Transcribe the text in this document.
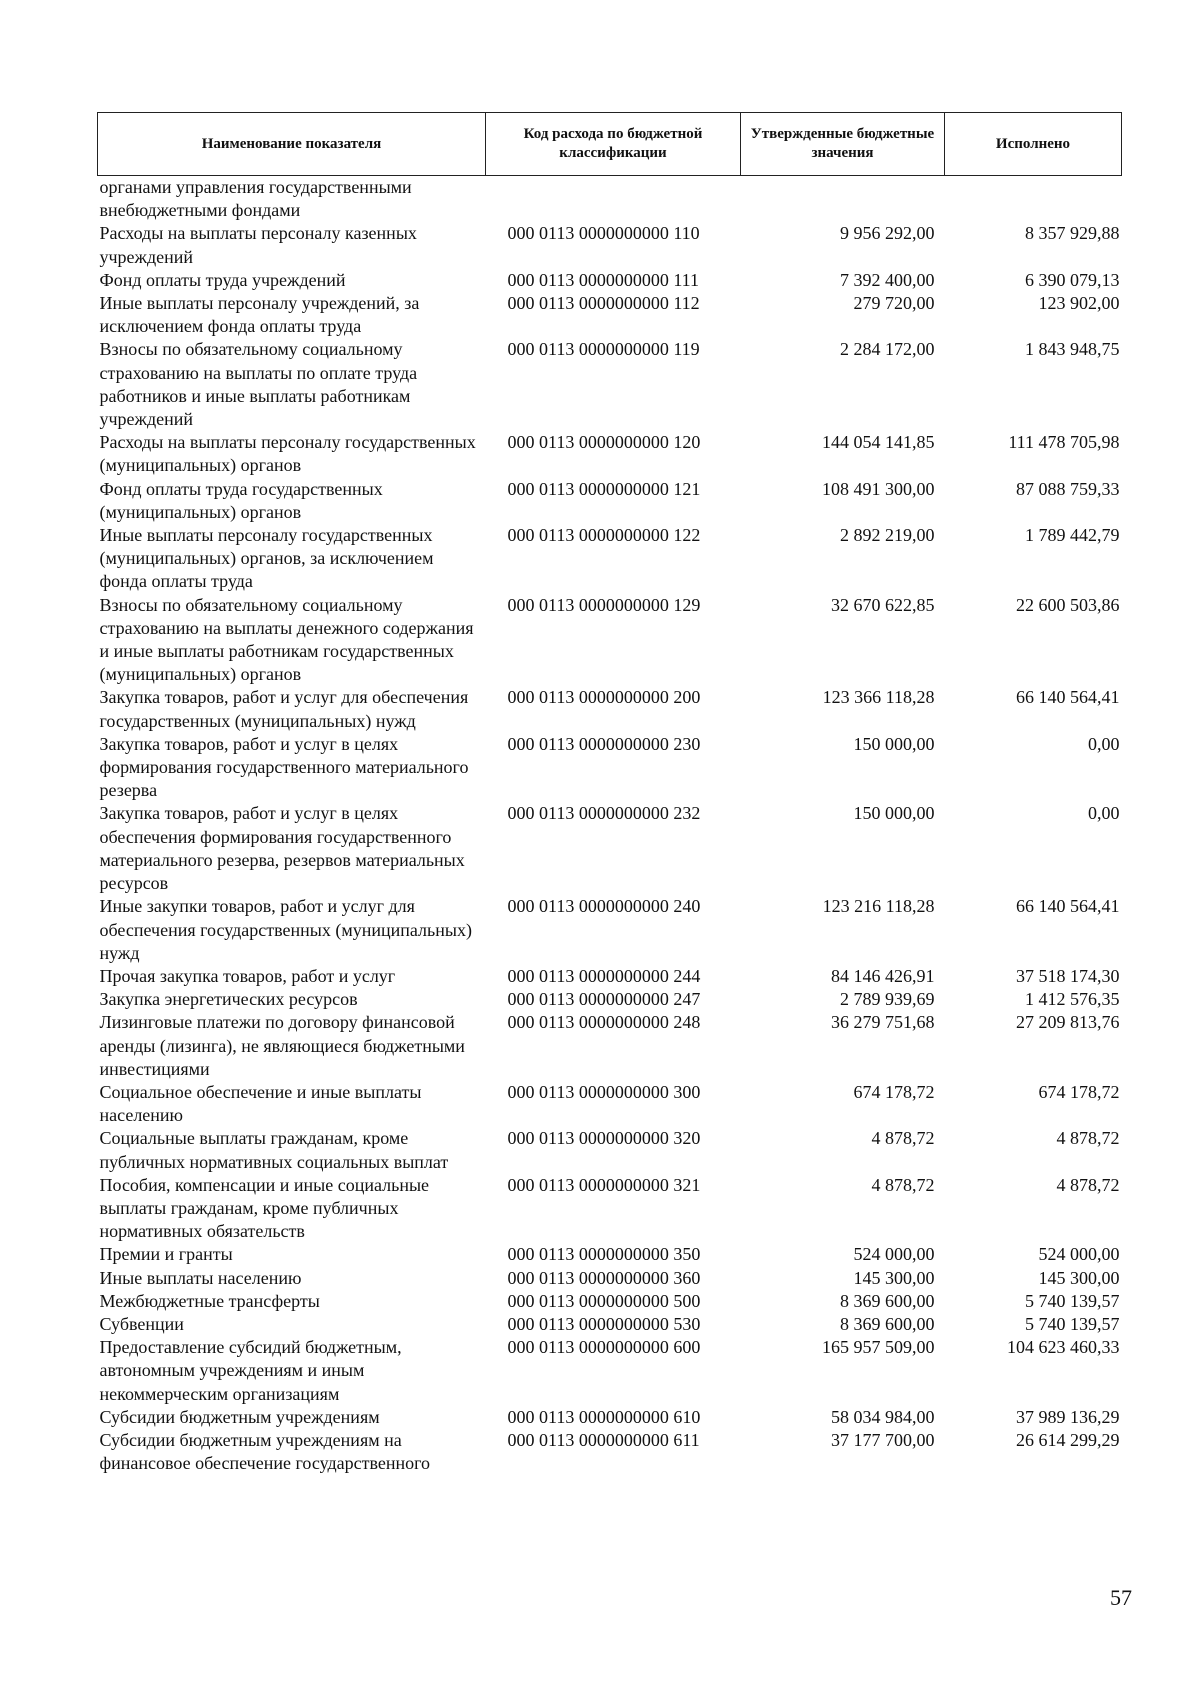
Наименование показателя	Код расхода по бюджетной классификации	Утвержденные бюджетные значения	Исполнено
органами управления государственными внебюджетными фондами			
Расходы на выплаты персоналу казенных учреждений	000 0113 0000000000 110	9 956 292,00	8 357 929,88
Фонд оплаты труда учреждений	000 0113 0000000000 111	7 392 400,00	6 390 079,13
Иные выплаты персоналу учреждений, за исключением фонда оплаты труда	000 0113 0000000000 112	279 720,00	123 902,00
Взносы по обязательному социальному страхованию на выплаты по оплате труда работников и иные выплаты работникам учреждений	000 0113 0000000000 119	2 284 172,00	1 843 948,75
Расходы на выплаты персоналу государственных (муниципальных) органов	000 0113 0000000000 120	144 054 141,85	111 478 705,98
Фонд оплаты труда государственных (муниципальных) органов	000 0113 0000000000 121	108 491 300,00	87 088 759,33
Иные выплаты персоналу государственных (муниципальных) органов, за исключением фонда оплаты труда	000 0113 0000000000 122	2 892 219,00	1 789 442,79
Взносы по обязательному социальному страхованию на выплаты денежного содержания и иные выплаты работникам государственных (муниципальных) органов	000 0113 0000000000 129	32 670 622,85	22 600 503,86
Закупка товаров, работ и услуг для обеспечения государственных (муниципальных) нужд	000 0113 0000000000 200	123 366 118,28	66 140 564,41
Закупка товаров, работ и услуг в целях формирования государственного материального резерва	000 0113 0000000000 230	150 000,00	0,00
Закупка товаров, работ и услуг в целях обеспечения формирования государственного материального резерва, резервов материальных ресурсов	000 0113 0000000000 232	150 000,00	0,00
Иные закупки товаров, работ и услуг для обеспечения государственных (муниципальных) нужд	000 0113 0000000000 240	123 216 118,28	66 140 564,41
Прочая закупка товаров, работ и услуг	000 0113 0000000000 244	84 146 426,91	37 518 174,30
Закупка энергетических ресурсов	000 0113 0000000000 247	2 789 939,69	1 412 576,35
Лизинговые платежи по договору финансовой аренды (лизинга), не являющиеся бюджетными инвестициями	000 0113 0000000000 248	36 279 751,68	27 209 813,76
Социальное обеспечение и иные выплаты населению	000 0113 0000000000 300	674 178,72	674 178,72
Социальные выплаты гражданам, кроме публичных нормативных социальных выплат	000 0113 0000000000 320	4 878,72	4 878,72
Пособия, компенсации и иные социальные выплаты гражданам, кроме публичных нормативных обязательств	000 0113 0000000000 321	4 878,72	4 878,72
Премии и гранты	000 0113 0000000000 350	524 000,00	524 000,00
Иные выплаты населению	000 0113 0000000000 360	145 300,00	145 300,00
Межбюджетные трансферты	000 0113 0000000000 500	8 369 600,00	5 740 139,57
Субвенции	000 0113 0000000000 530	8 369 600,00	5 740 139,57
Предоставление субсидий бюджетным, автономным учреждениям и иным некоммерческим организациям	000 0113 0000000000 600	165 957 509,00	104 623 460,33
Субсидии бюджетным учреждениям	000 0113 0000000000 610	58 034 984,00	37 989 136,29
Субсидии бюджетным учреждениям на финансовое обеспечение государственного	000 0113 0000000000 611	37 177 700,00	26 614 299,29
57
